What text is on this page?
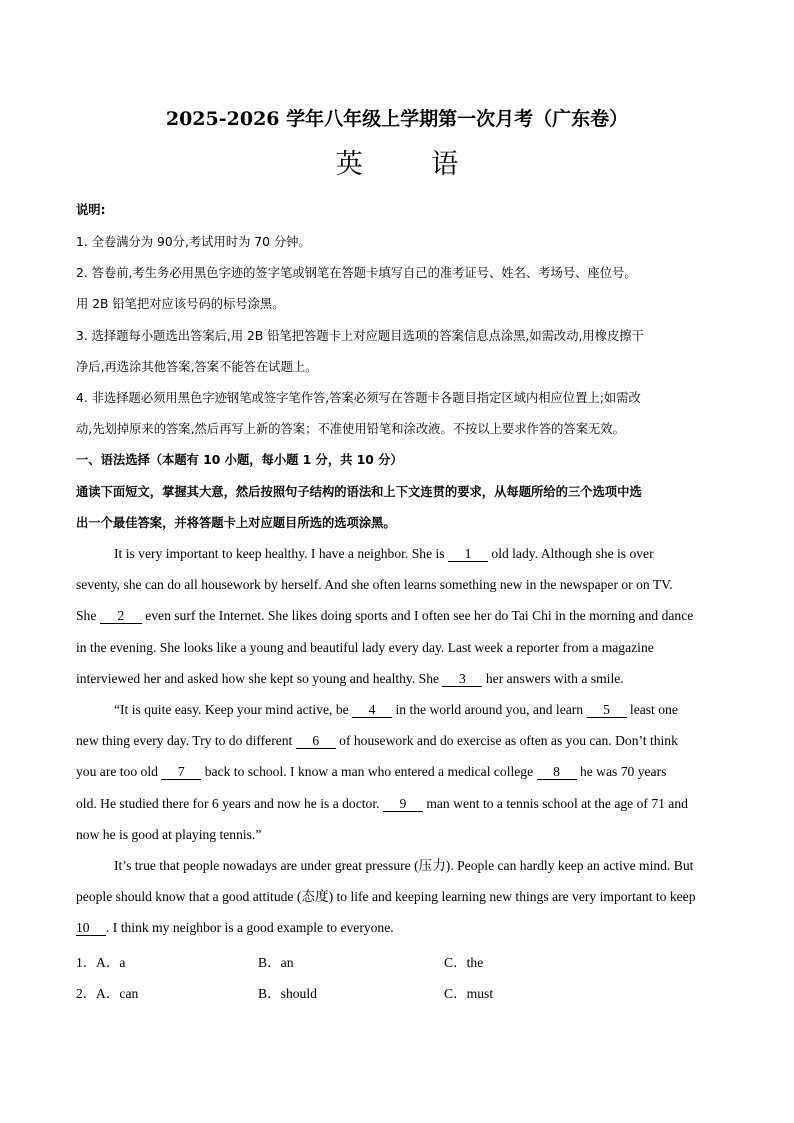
2025-2026 学年八年级上学期第一次月考（广东卷）
英 语
说明:
1. 全卷满分为 90分,考试用时为 70 分钟。
2. 答卷前,考生务必用黑色字迹的签字笔或钢笔在答题卡填写自己的准考证号、姓名、考场号、座位号。
用 2B 铅笔把对应该号码的标号涂黑。
3. 选择题每小题选出答案后,用 2B 铅笔把答题卡上对应题目选项的答案信息点涂黑,如需改动,用橡皮擦干
净后,再选涂其他答案,答案不能答在试题上。
4. 非选择题必须用黑色字迹钢笔或签字笔作答,答案必须写在答题卡各题目指定区域内相应位置上;如需改
动,先划掉原来的答案,然后再写上新的答案；不准使用铅笔和涂改液。不按以上要求作答的答案无效。
一、语法选择（本题有 10 小题，每小题 1 分，共 10 分）
通读下面短文，掌握其大意，然后按照句子结构的语法和上下文连贯的要求，从每题所给的三个选项中选
出一个最佳答案，并将答题卡上对应题目所选的选项涂黑。
It is very important to keep healthy. I have a neighbor. She is 1 old lady. Although she is over
seventy, she can do all housework by herself. And she often learns something new in the newspaper or on TV.
She 2 even surf the Internet. She likes doing sports and I often see her do Tai Chi in the morning and dance
in the evening. She looks like a young and beautiful lady every day. Last week a reporter from a magazine
interviewed her and asked how she kept so young and healthy. She 3 her answers with a smile.
“It is quite easy. Keep your mind active, be 4 in the world around you, and learn 5 least one
new thing every day. Try to do different 6 of housework and do exercise as often as you can. Don’t think
you are too old 7 back to school. I know a man who entered a medical college 8 he was 70 years
old. He studied there for 6 years and now he is a doctor. 9 man went to a tennis school at the age of 71 and
now he is good at playing tennis.”
It’s true that people nowadays are under great pressure (压力). People can hardly keep an active mind. But
people should know that a good attitude (态度) to life and keeping learning new things are very important to keep
10 . I think my neighbor is a good example to everyone.
1． A．a	B．an	C．the
2． A．can	B．should	C．must
